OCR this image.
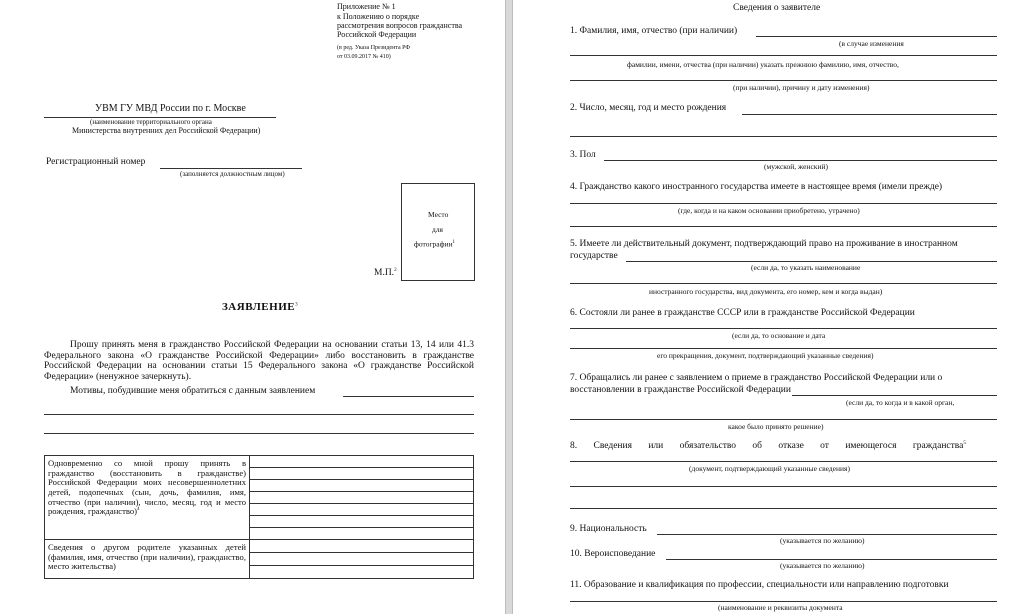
Приложение № 1
к Положению о порядке
рассмотрения вопросов гражданства
Российской Федерации
(в ред. Указа Президента РФ
от 03.09.2017 № 410)
УВМ ГУ МВД России по г. Москве
(наименование территориального органа
Министерства внутренних дел Российской Федерации)
Регистрационный номер
(заполняется должностным лицом)
Место
для
фотографии$^1$
М.П.$^2$
ЗАЯВЛЕНИЕ$^3$
Прошу принять меня в гражданство Российской Федерации на основании статьи 13, 14 или 41.3 Федерального закона «О гражданстве Российской Федерации» либо восстановить в гражданстве Российской Федерации на основании статьи 15 Федерального закона «О гражданстве Российской Федерации» (ненужное зачеркнуть).
Мотивы, побудившие меня обратиться с данным заявлением
Одновременно со мной прошу принять в гражданство (восстановить в гражданстве) Российской Федерации моих несовершеннолетних детей, подопечных (сын, дочь, фамилия, имя, отчество (при наличии), число, месяц, год и место рождения, гражданство)$^4$	

Сведения о другом родителе указанных детей (фамилия, имя, отчество (при наличии), гражданство, место жительства)	

Сведения о заявителе
1. Фамилия, имя, отчество (при наличии)
(в случае изменения
фамилии, имени, отчества (при наличии) указать прежнюю фамилию, имя, отчество,
(при наличии), причину и дату изменения)
2. Число, месяц, год и место рождения
3. Пол
(мужской, женский)
4. Гражданство какого иностранного государства имеете в настоящее время (имели прежде)
(где, когда и на каком основании приобретено, утрачено)
5. Имеете ли действительный документ, подтверждающий право на проживание в иностранном
государстве
(если да, то указать наименование
иностранного государства, вид документа, его номер, кем и когда выдан)
6. Состояли ли ранее в гражданстве СССР или в гражданстве Российской Федерации
(если да, то основание и дата
его прекращения, документ, подтверждающий указанные сведения)
7. Обращались ли ранее с заявлением о приеме в гражданство Российской Федерации или о
восстановлении в гражданстве Российской Федерации
(если да, то когда и в какой орган,
какое было принято решение)
8. Сведения или обязательство об отказе от имеющегося гражданства$^5$
(документ, подтверждающий указанные сведения)
9. Национальность
(указывается по желанию)
10. Вероисповедание
(указывается по желанию)
11. Образование и квалификация по профессии, специальности или направлению подготовки
(наименование и реквизиты документа
